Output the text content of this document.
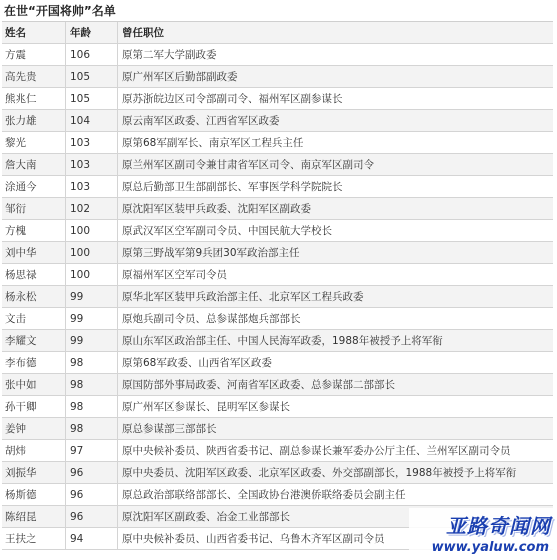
在世“开国将帅”名单
姓名	年龄	曾任职位
方震	106	原第二军大学副政委
高先贵	105	原广州军区后勤部副政委
熊兆仁	105	原苏浙皖边区司令部副司令、福州军区副参谋长
张力雄	104	原云南军区政委、江西省军区政委
黎光	103	原第68军副军长、南京军区工程兵主任
詹大南	103	原兰州军区副司令兼甘肃省军区司令、南京军区副司令
涂通今	103	原总后勤部卫生部副部长、军事医学科学院院长
邹衍	102	原沈阳军区装甲兵政委、沈阳军区副政委
方槐	100	原武汉军区空军副司令员、中国民航大学校长
刘中华	100	原第三野战军第9兵团30军政治部主任
杨思禄	100	原福州军区空军司令员
杨永松	99	原华北军区装甲兵政治部主任、北京军区工程兵政委
文击	99	原炮兵副司令员、总参谋部炮兵部部长
李耀文	99	原山东军区政治部主任、中国人民海军政委，1988年被授予上将军衔
李布德	98	原第68军政委、山西省军区政委
张中如	98	原国防部外事局政委、河南省军区政委、总参谋部二部部长
孙干卿	98	原广州军区参谋长、昆明军区参谋长
姜钟	98	原总参谋部三部部长
胡炜	97	原中央候补委员、陕西省委书记、副总参谋长兼军委办公厅主任、兰州军区副司令员
刘振华	96	原中央委员、沈阳军区政委、北京军区政委、外交部副部长，1988年被授予上将军衔
杨斯德	96	原总政治部联络部部长、全国政协台港澳侨联络委员会副主任
陈绍昆	96	原沈阳军区副政委、冶金工业部部长
王扶之	94	原中央候补委员、山西省委书记、乌鲁木齐军区副司令员
亚路奇闻网
www.yaluw.com
